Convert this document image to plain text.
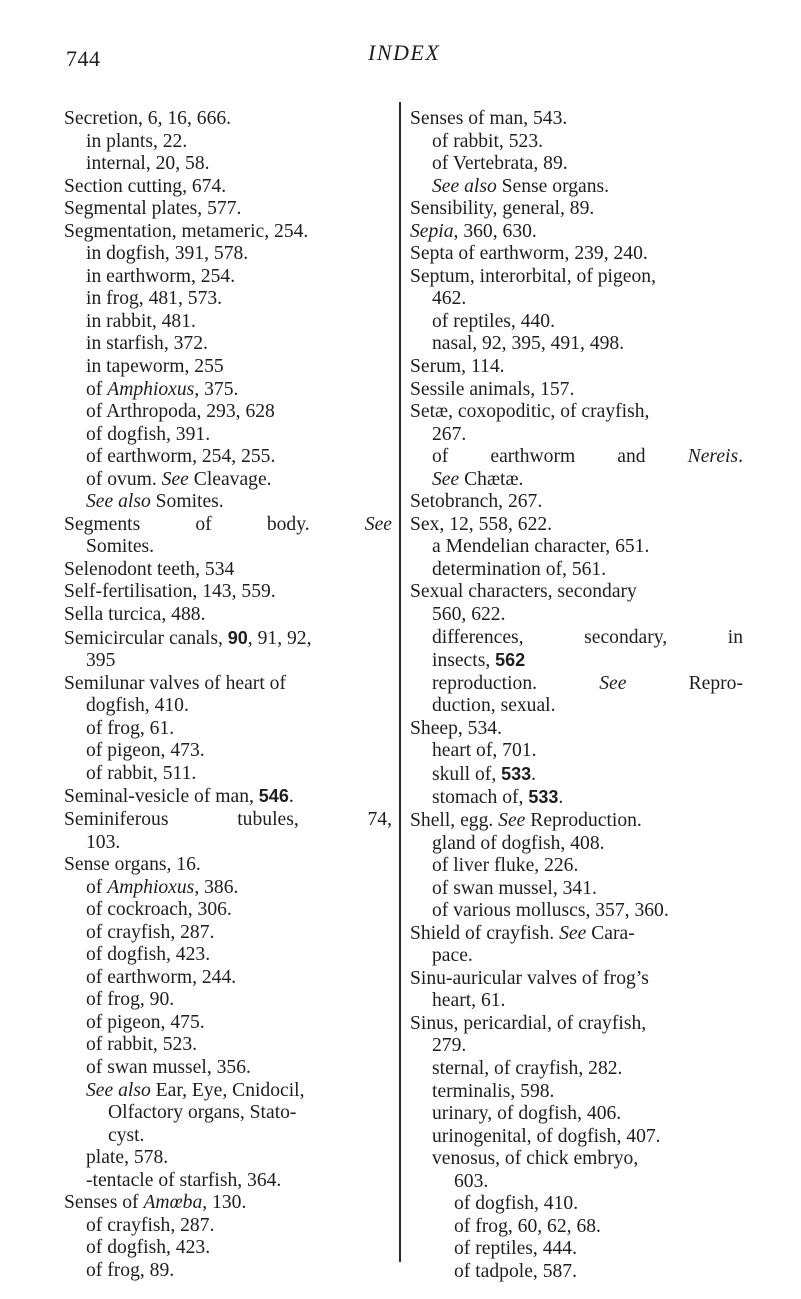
744	INDEX
Secretion, 6, 16, 666.
in plants, 22.
internal, 20, 58.
Section cutting, 674.
Segmental plates, 577.
Segmentation, metameric, 254.
in dogfish, 391, 578.
in earthworm, 254.
in frog, 481, 573.
in rabbit, 481.
in starfish, 372.
in tapeworm, 255
of Amphioxus, 375.
of Arthropoda, 293, 628
of dogfish, 391.
of earthworm, 254, 255.
of ovum. See Cleavage.
See also Somites.
Segments of body. See
Somites.
Selenodont teeth, 534
Self-fertilisation, 143, 559.
Sella turcica, 488.
Semicircular canals, 90, 91, 92,
395
Semilunar valves of heart of
dogfish, 410.
of frog, 61.
of pigeon, 473.
of rabbit, 511.
Seminal-vesicle of man, 546.
Seminiferous tubules, 74,
103.
Sense organs, 16.
of Amphioxus, 386.
of cockroach, 306.
of crayfish, 287.
of dogfish, 423.
of earthworm, 244.
of frog, 90.
of pigeon, 475.
of rabbit, 523.
of swan mussel, 356.
See also Ear, Eye, Cnidocil,
Olfactory organs, Stato-
cyst.
plate, 578.
-tentacle of starfish, 364.
Senses of Amœba, 130.
of crayfish, 287.
of dogfish, 423.
of frog, 89.
Senses of man, 543.
of rabbit, 523.
of Vertebrata, 89.
See also Sense organs.
Sensibility, general, 89.
Sepia, 360, 630.
Septa of earthworm, 239, 240.
Septum, interorbital, of pigeon,
462.
of reptiles, 440.
nasal, 92, 395, 491, 498.
Serum, 114.
Sessile animals, 157.
Setæ, coxopoditic, of crayfish,
267.
of earthworm and Nereis.
See Chætæ.
Setobranch, 267.
Sex, 12, 558, 622.
a Mendelian character, 651.
determination of, 561.
Sexual characters, secondary
560, 622.
differences, secondary, in
insects, 562
reproduction. See Repro-
duction, sexual.
Sheep, 534.
heart of, 701.
skull of, 533.
stomach of, 533.
Shell, egg. See Reproduction.
gland of dogfish, 408.
of liver fluke, 226.
of swan mussel, 341.
of various molluscs, 357, 360.
Shield of crayfish. See Cara-
pace.
Sinu-auricular valves of frog’s
heart, 61.
Sinus, pericardial, of crayfish,
279.
sternal, of crayfish, 282.
terminalis, 598.
urinary, of dogfish, 406.
urinogenital, of dogfish, 407.
venosus, of chick embryo,
603.
of dogfish, 410.
of frog, 60, 62, 68.
of reptiles, 444.
of tadpole, 587.
